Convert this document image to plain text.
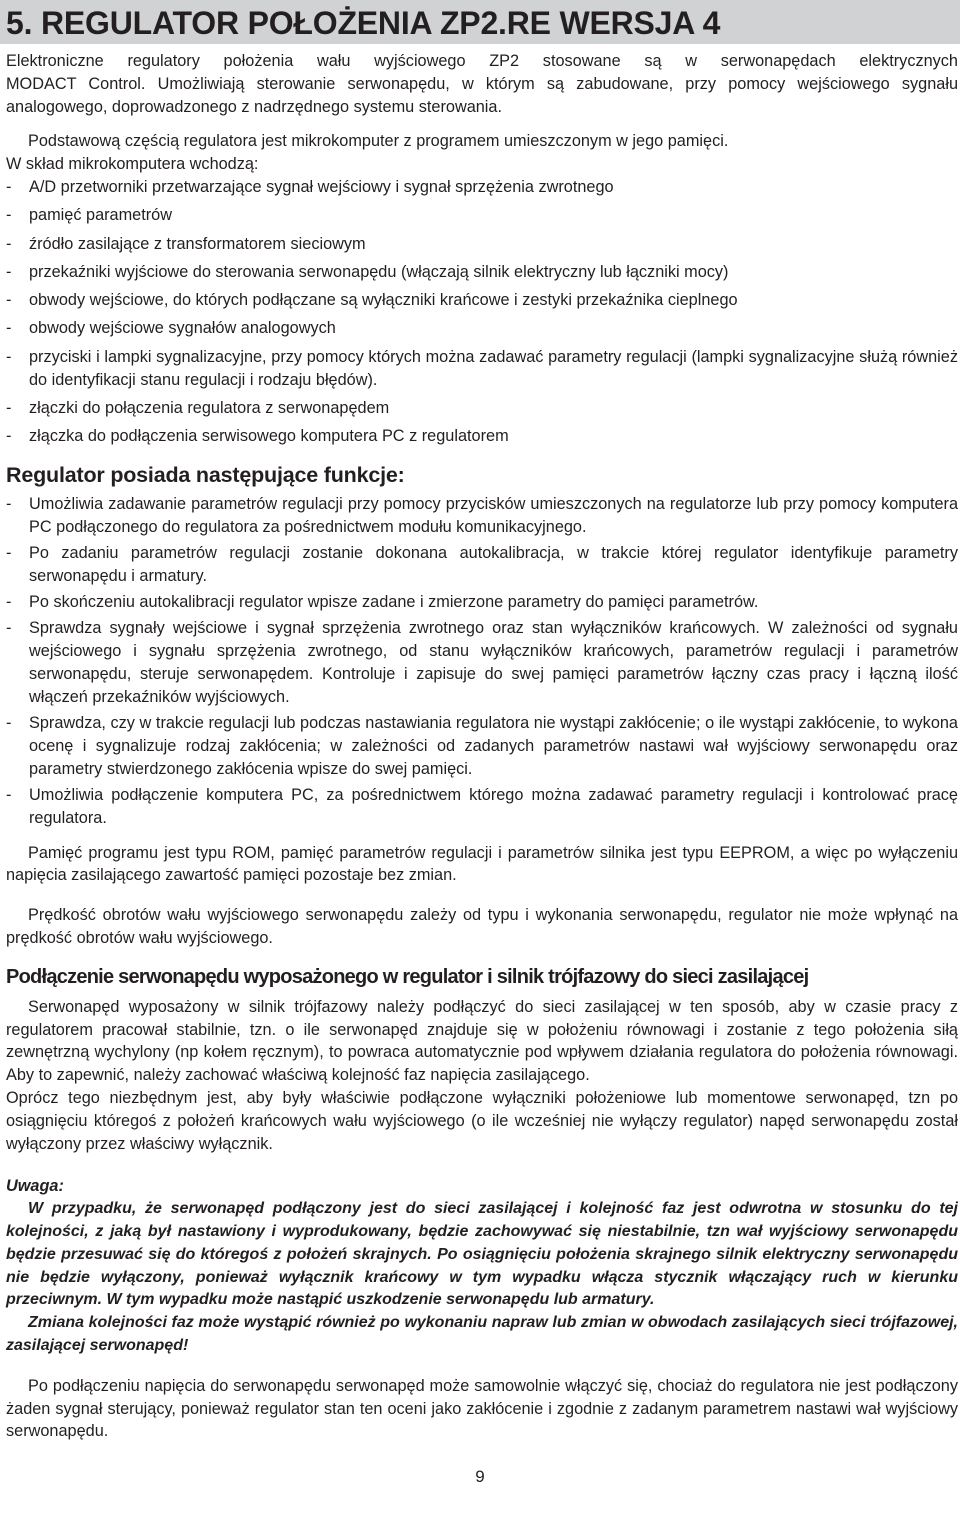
5. REGULATOR POŁOŻENIA ZP2.RE WERSJA 4

Elektroniczne regulatory położenia wału wyjściowego ZP2 stosowane są w serwonapędach elektrycznych

MODACT Control. Umożliwiają sterowanie serwonapędu, w którym są zabudowane, przy pomocy wejściowego sygnału analogowego, doprowadzonego z nadrzędnego systemu sterowania.

Podstawową częścią regulatora jest mikrokomputer z programem umieszczonym w jego pamięci.

W skład mikrokomputera wchodzą:

- A/D przetworniki przetwarzające sygnał wejściowy i sygnał sprzężenia zwrotnego
- pamięć parametrów
- źródło zasilające z transformatorem sieciowym
- przekaźniki wyjściowe do sterowania serwonapędu (włączają silnik elektryczny lub łączniki mocy)
- obwody wejściowe, do których podłączane są wyłączniki krańcowe i zestyki przekaźnika cieplnego
- obwody wejściowe sygnałów analogowych
- przyciski i lampki sygnalizacyjne, przy pomocy których można zadawać parametry regulacji (lampki sygnalizacyjne służą również do identyfikacji stanu regulacji i rodzaju błędów).
- złączki do połączenia regulatora z serwonapędem
- złączka do podłączenia serwisowego komputera PC z regulatorem
Regulator posiada następujące funkcje:
- Umożliwia zadawanie parametrów regulacji przy pomocy przycisków umieszczonych na regulatorze lub przy pomocy komputera PC podłączonego do regulatora za pośrednictwem modułu komunikacyjnego.
- Po zadaniu parametrów regulacji zostanie dokonana autokalibracja, w trakcie której regulator identyfikuje parametry serwonapędu i armatury.
- Po skończeniu autokalibracji regulator wpisze zadane i zmierzone parametry do pamięci parametrów.
- Sprawdza sygnały wejściowe i sygnał sprzężenia zwrotnego oraz stan wyłączników krańcowych. W zależności od sygnału wejściowego i sygnału sprzężenia zwrotnego, od stanu wyłączników krańcowych, parametrów regulacji i parametrów serwonapędu, steruje serwonapędem. Kontroluje i zapisuje do swej pamięci parametrów łączny czas pracy i łączną ilość włączeń przekaźników wyjściowych.
- Sprawdza, czy w trakcie regulacji lub podczas nastawiania regulatora nie wystąpi zakłócenie; o ile wystąpi zakłócenie, to wykona ocenę i sygnalizuje rodzaj zakłócenia; w zależności od zadanych parametrów nastawi wał wyjściowy serwonapędu oraz parametry stwierdzonego zakłócenia wpisze do swej pamięci.
- Umożliwia podłączenie komputera PC, za pośrednictwem którego można zadawać parametry regulacji i kontrolować pracę regulatora.

Pamięć programu jest typu ROM, pamięć parametrów regulacji i parametrów silnika jest typu EEPROM, a więc po wyłączeniu napięcia zasilającego zawartość pamięci pozostaje bez zmian.

Prędkość obrotów wału wyjściowego serwonapędu zależy od typu i wykonania serwonapędu, regulator nie może wpłynąć na prędkość obrotów wału wyjściowego.

Podłączenie serwonapędu wyposażonego w regulator i silnik trójfazowy do sieci zasilającej

Serwonapęd wyposażony w silnik trójfazowy należy podłączyć do sieci zasilającej w ten sposób, aby w czasie pracy z regulatorem pracował stabilnie, tzn. o ile serwonapęd znajduje się w położeniu równowagi i zostanie z tego położenia siłą zewnętrzną wychylony (np kołem ręcznym), to powraca automatycznie pod wpływem działania regulatora do położenia równowagi. Aby to zapewnić, należy zachować właściwą kolejność faz napięcia zasilającego.

Oprócz tego niezbędnym jest, aby były właściwie podłączone wyłączniki położeniowe lub momentowe serwonapęd, tzn po osiągnięciu któregoś z położeń krańcowych wału wyjściowego (o ile wcześniej nie wyłączy regulator) napęd serwonapędu został wyłączony przez właściwy wyłącznik.

Uwaga:

W przypadku, że serwonapęd podłączony jest do sieci zasilającej i kolejność faz jest odwrotna w stosunku do tej kolejności, z jaką był nastawiony i wyprodukowany, będzie zachowywać się niestabilnie, tzn wał wyjściowy serwonapędu będzie przesuwać się do któregoś z położeń skrajnych. Po osiągnięciu położenia skrajnego silnik elektryczny serwonapędu nie będzie wyłączony, ponieważ wyłącznik krańcowy w tym wypadku włącza stycznik włączający ruch w kierunku przeciwnym. W tym wypadku może nastąpić uszkodzenie serwonapędu lub armatury.

Zmiana kolejności faz może wystąpić również po wykonaniu napraw lub zmian w obwodach zasilających sieci trójfazowej, zasilającej serwonapęd!

Po podłączeniu napięcia do serwonapędu serwonapęd może samowolnie włączyć się, chociaż do regulatora nie jest podłączony żaden sygnał sterujący, ponieważ regulator stan ten oceni jako zakłócenie i zgodnie z zadanym parametrem nastawi wał wyjściowy serwonapędu.

9
